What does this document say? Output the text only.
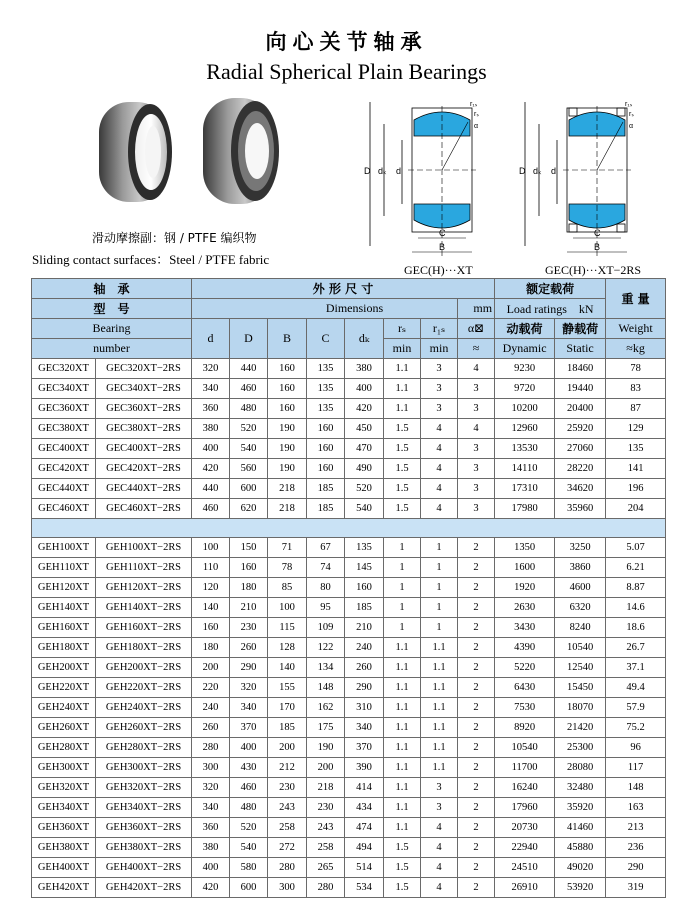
向心关节轴承
Radial Spherical Plain Bearings
滑动摩擦副：钢 / PTFE 编织物
Sliding contact surfaces：Steel / PTFE fabric
D dₖ d
C
B
r₁ₛ
rₛ
α
D dₖ d
C
B
r₁ₛ
rₛ
α
GEC(H)···XT	GEC(H)···XT−2RS
轴　承		外 形 尺 寸								额定载荷		重 量
型　号		Dimensions							mm	Load ratings　kN		
Bearing		d	D	B	C	dₖ	rₛ	r₁ₛ	α⊠	动载荷	静载荷	Weight
number							min	min	≈	Dynamic	Static	≈kg
GEC320XT	GEC320XT−2RS	320	440	160	135	380	1.1	3	4	9230	18460	78
GEC340XT	GEC340XT−2RS	340	460	160	135	400	1.1	3	3	9720	19440	83
GEC360XT	GEC360XT−2RS	360	480	160	135	420	1.1	3	3	10200	20400	87
GEC380XT	GEC380XT−2RS	380	520	190	160	450	1.5	4	4	12960	25920	129
GEC400XT	GEC400XT−2RS	400	540	190	160	470	1.5	4	3	13530	27060	135
GEC420XT	GEC420XT−2RS	420	560	190	160	490	1.5	4	3	14110	28220	141
GEC440XT	GEC440XT−2RS	440	600	218	185	520	1.5	4	3	17310	34620	196
GEC460XT	GEC460XT−2RS	460	620	218	185	540	1.5	4	3	17980	35960	204

GEH100XT	GEH100XT−2RS	100	150	71	67	135	1	1	2	1350	3250	5.07
GEH110XT	GEH110XT−2RS	110	160	78	74	145	1	1	2	1600	3860	6.21
GEH120XT	GEH120XT−2RS	120	180	85	80	160	1	1	2	1920	4600	8.87
GEH140XT	GEH140XT−2RS	140	210	100	95	185	1	1	2	2630	6320	14.6
GEH160XT	GEH160XT−2RS	160	230	115	109	210	1	1	2	3430	8240	18.6
GEH180XT	GEH180XT−2RS	180	260	128	122	240	1.1	1.1	2	4390	10540	26.7
GEH200XT	GEH200XT−2RS	200	290	140	134	260	1.1	1.1	2	5220	12540	37.1
GEH220XT	GEH220XT−2RS	220	320	155	148	290	1.1	1.1	2	6430	15450	49.4
GEH240XT	GEH240XT−2RS	240	340	170	162	310	1.1	1.1	2	7530	18070	57.9
GEH260XT	GEH260XT−2RS	260	370	185	175	340	1.1	1.1	2	8920	21420	75.2
GEH280XT	GEH280XT−2RS	280	400	200	190	370	1.1	1.1	2	10540	25300	96
GEH300XT	GEH300XT−2RS	300	430	212	200	390	1.1	1.1	2	11700	28080	117
GEH320XT	GEH320XT−2RS	320	460	230	218	414	1.1	3	2	16240	32480	148
GEH340XT	GEH340XT−2RS	340	480	243	230	434	1.1	3	2	17960	35920	163
GEH360XT	GEH360XT−2RS	360	520	258	243	474	1.1	4	2	20730	41460	213
GEH380XT	GEH380XT−2RS	380	540	272	258	494	1.5	4	2	22940	45880	236
GEH400XT	GEH400XT−2RS	400	580	280	265	514	1.5	4	2	24510	49020	290
GEH420XT	GEH420XT−2RS	420	600	300	280	534	1.5	4	2	26910	53920	319
